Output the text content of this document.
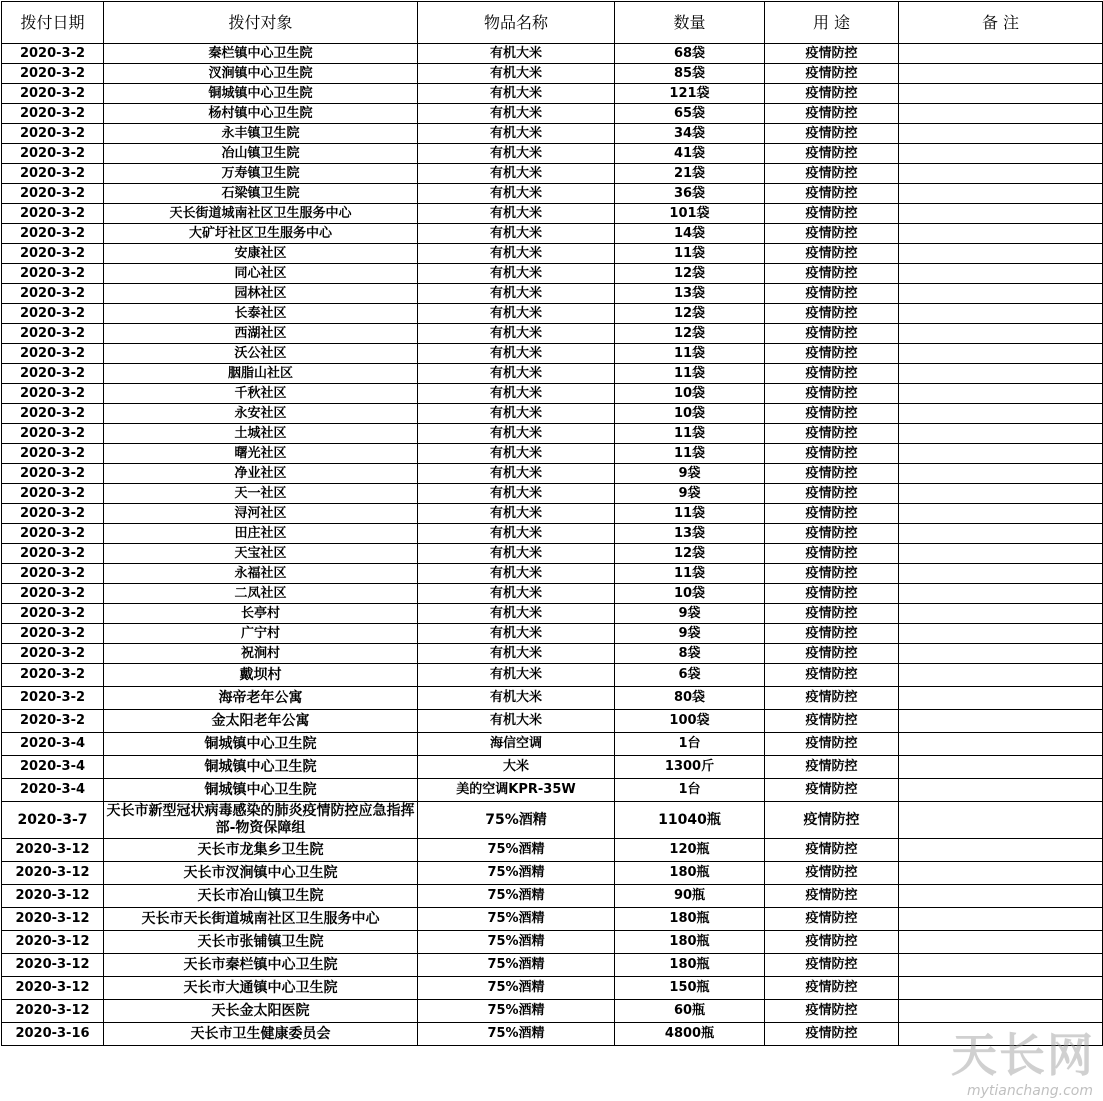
拨付日期	拨付对象	物品名称	数量	用 途	备 注
2020-3-2	秦栏镇中心卫生院	有机大米	68袋	疫情防控	
2020-3-2	汊涧镇中心卫生院	有机大米	85袋	疫情防控	
2020-3-2	铜城镇中心卫生院	有机大米	121袋	疫情防控	
2020-3-2	杨村镇中心卫生院	有机大米	65袋	疫情防控	
2020-3-2	永丰镇卫生院	有机大米	34袋	疫情防控	
2020-3-2	冶山镇卫生院	有机大米	41袋	疫情防控	
2020-3-2	万寿镇卫生院	有机大米	21袋	疫情防控	
2020-3-2	石梁镇卫生院	有机大米	36袋	疫情防控	
2020-3-2	天长街道城南社区卫生服务中心	有机大米	101袋	疫情防控	
2020-3-2	大矿圩社区卫生服务中心	有机大米	14袋	疫情防控	
2020-3-2	安康社区	有机大米	11袋	疫情防控	
2020-3-2	同心社区	有机大米	12袋	疫情防控	
2020-3-2	园林社区	有机大米	13袋	疫情防控	
2020-3-2	长泰社区	有机大米	12袋	疫情防控	
2020-3-2	西湖社区	有机大米	12袋	疫情防控	
2020-3-2	沃公社区	有机大米	11袋	疫情防控	
2020-3-2	胭脂山社区	有机大米	11袋	疫情防控	
2020-3-2	千秋社区	有机大米	10袋	疫情防控	
2020-3-2	永安社区	有机大米	10袋	疫情防控	
2020-3-2	土城社区	有机大米	11袋	疫情防控	
2020-3-2	曙光社区	有机大米	11袋	疫情防控	
2020-3-2	净业社区	有机大米	9袋	疫情防控	
2020-3-2	天一社区	有机大米	9袋	疫情防控	
2020-3-2	浔河社区	有机大米	11袋	疫情防控	
2020-3-2	田庄社区	有机大米	13袋	疫情防控	
2020-3-2	天宝社区	有机大米	12袋	疫情防控	
2020-3-2	永福社区	有机大米	11袋	疫情防控	
2020-3-2	二凤社区	有机大米	10袋	疫情防控	
2020-3-2	长亭村	有机大米	9袋	疫情防控	
2020-3-2	广宁村	有机大米	9袋	疫情防控	
2020-3-2	祝涧村	有机大米	8袋	疫情防控	
2020-3-2	戴坝村	有机大米	6袋	疫情防控	
2020-3-2	海帝老年公寓	有机大米	80袋	疫情防控	
2020-3-2	金太阳老年公寓	有机大米	100袋	疫情防控	
2020-3-4	铜城镇中心卫生院	海信空调	1台	疫情防控	
2020-3-4	铜城镇中心卫生院	大米	1300斤	疫情防控	
2020-3-4	铜城镇中心卫生院	美的空调KPR-35W	1台	疫情防控	
2020-3-7	天长市新型冠状病毒感染的肺炎疫情防控应急指挥部-物资保障组	75%酒精	11040瓶	疫情防控	
2020-3-12	天长市龙集乡卫生院	75%酒精	120瓶	疫情防控	
2020-3-12	天长市汊涧镇中心卫生院	75%酒精	180瓶	疫情防控	
2020-3-12	天长市冶山镇卫生院	75%酒精	90瓶	疫情防控	
2020-3-12	天长市天长街道城南社区卫生服务中心	75%酒精	180瓶	疫情防控	
2020-3-12	天长市张铺镇卫生院	75%酒精	180瓶	疫情防控	
2020-3-12	天长市秦栏镇中心卫生院	75%酒精	180瓶	疫情防控	
2020-3-12	天长市大通镇中心卫生院	75%酒精	150瓶	疫情防控	
2020-3-12	天长金太阳医院	75%酒精	60瓶	疫情防控	
2020-3-16	天长市卫生健康委员会	75%酒精	4800瓶	疫情防控	天长网
mytianchang.com
